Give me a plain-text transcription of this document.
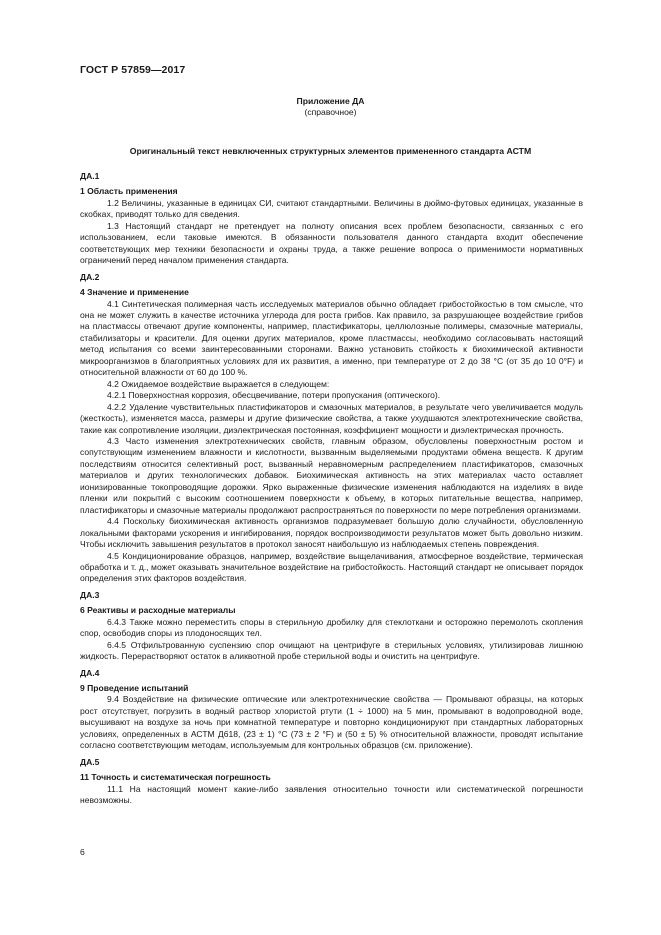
ГОСТ Р 57859—2017
Приложение ДА
(справочное)
Оригинальный текст невключенных структурных элементов примененного стандарта АСТМ

ДА.1

1 Область применения

1.2 Величины, указанные в единицах СИ, считают стандартными. Величины в дюймо-футовых единицах, указанные в скобках, приводят только для сведения.

1.3 Настоящий стандарт не претендует на полноту описания всех проблем безопасности, связанных с его использованием, если таковые имеются. В обязанности пользователя данного стандарта входит обеспечение соответствующих мер техники безопасности и охраны труда, а также решение вопроса о применимости нормативных ограничений перед началом применения стандарта.

ДА.2

4 Значение и применение

4.1 Синтетическая полимерная часть исследуемых материалов обычно обладает грибостойкостью в том смысле, что она не может служить в качестве источника углерода для роста грибов. Как правило, за разрушающее воздействие грибов на пластмассы отвечают другие компоненты, например, пластификаторы, целлюлозные полимеры, смазочные материалы, стабилизаторы и красители. Для оценки других материалов, кроме пластмассы, необходимо согласовывать настоящий метод испытания со всеми заинтересованными сторонами. Важно установить стойкость к биохимической активности микроорганизмов в благоприятных условиях для их развития, а именно, при температуре от 2 до 38 °С (от 35 до 10 0°F) и относительной влажности от 60 до 100 %.

4.2 Ожидаемое воздействие выражается в следующем:

4.2.1 Поверхностная коррозия, обесцвечивание, потери пропускания (оптического).

4.2.2 Удаление чувствительных пластификаторов и смазочных материалов, в результате чего увеличивается модуль (жесткость), изменяется масса, размеры и другие физические свойства, а также ухудшаются электротехнические свойства, такие как сопротивление изоляции, диэлектрическая постоянная, коэффициент мощности и диэлектрическая прочность.

4.3 Часто изменения электротехнических свойств, главным образом, обусловлены поверхностным ростом и сопутствующим изменением влажности и кислотности, вызванным выделяемыми продуктами обмена веществ. К другим последствиям относится селективный рост, вызванный неравномерным распределением пластификаторов, смазочных материалов и других технологических добавок. Биохимическая активность на этих материалах часто оставляет ионизированные токопроводящие дорожки. Ярко выраженные физические изменения наблюдаются на изделиях в виде пленки или покрытий с высоким соотношением поверхности к объему, в которых питательные вещества, например, пластификаторы и смазочные материалы продолжают распространяться по поверхности по мере потребления организмами.

4.4 Поскольку биохимическая активность организмов подразумевает большую долю случайности, обусловленную локальными факторами ускорения и ингибирования, порядок воспроизводимости результатов может быть довольно низким. Чтобы исключить завышения результатов в протокол заносят наибольшую из наблюдаемых степень повреждения.

4.5 Кондиционирование образцов, например, воздействие выщелачивания, атмосферное воздействие, термическая обработка и т. д., может оказывать значительное воздействие на грибостойкость. Настоящий стандарт не описывает порядок определения этих факторов воздействия.

ДА.3

6 Реактивы и расходные материалы

6.4.3 Также можно переместить споры в стерильную дробилку для стеклоткани и осторожно перемолоть скопления спор, освободив споры из плодоносящих тел.

6.4.5 Отфильтрованную суспензию спор очищают на центрифуге в стерильных условиях, утилизировав лишнюю жидкость. Перерастворяют остаток в аликвотной пробе стерильной воды и очистить на центрифуге.

ДА.4

9 Проведение испытаний

9.4 Воздействие на физические оптические или электротехнические свойства — Промывают образцы, на которых рост отсутствует, погрузить в водный раствор хлористой ртути (1 ÷ 1000) на 5 мин, промывают в водопроводной воде, высушивают на воздухе за ночь при комнатной температуре и повторно кондиционируют при стандартных лабораторных условиях, определенных в АСТМ Д618, (23 ± 1) °С (73 ± 2 °F) и (50 ± 5) % относительной влажности, проводят испытание согласно соответствующим методам, используемым для контрольных образцов (см. приложение).

ДА.5

11 Точность и систематическая погрешность

11.1 На настоящий момент какие-либо заявления относительно точности или систематической погрешности невозможны.

6
